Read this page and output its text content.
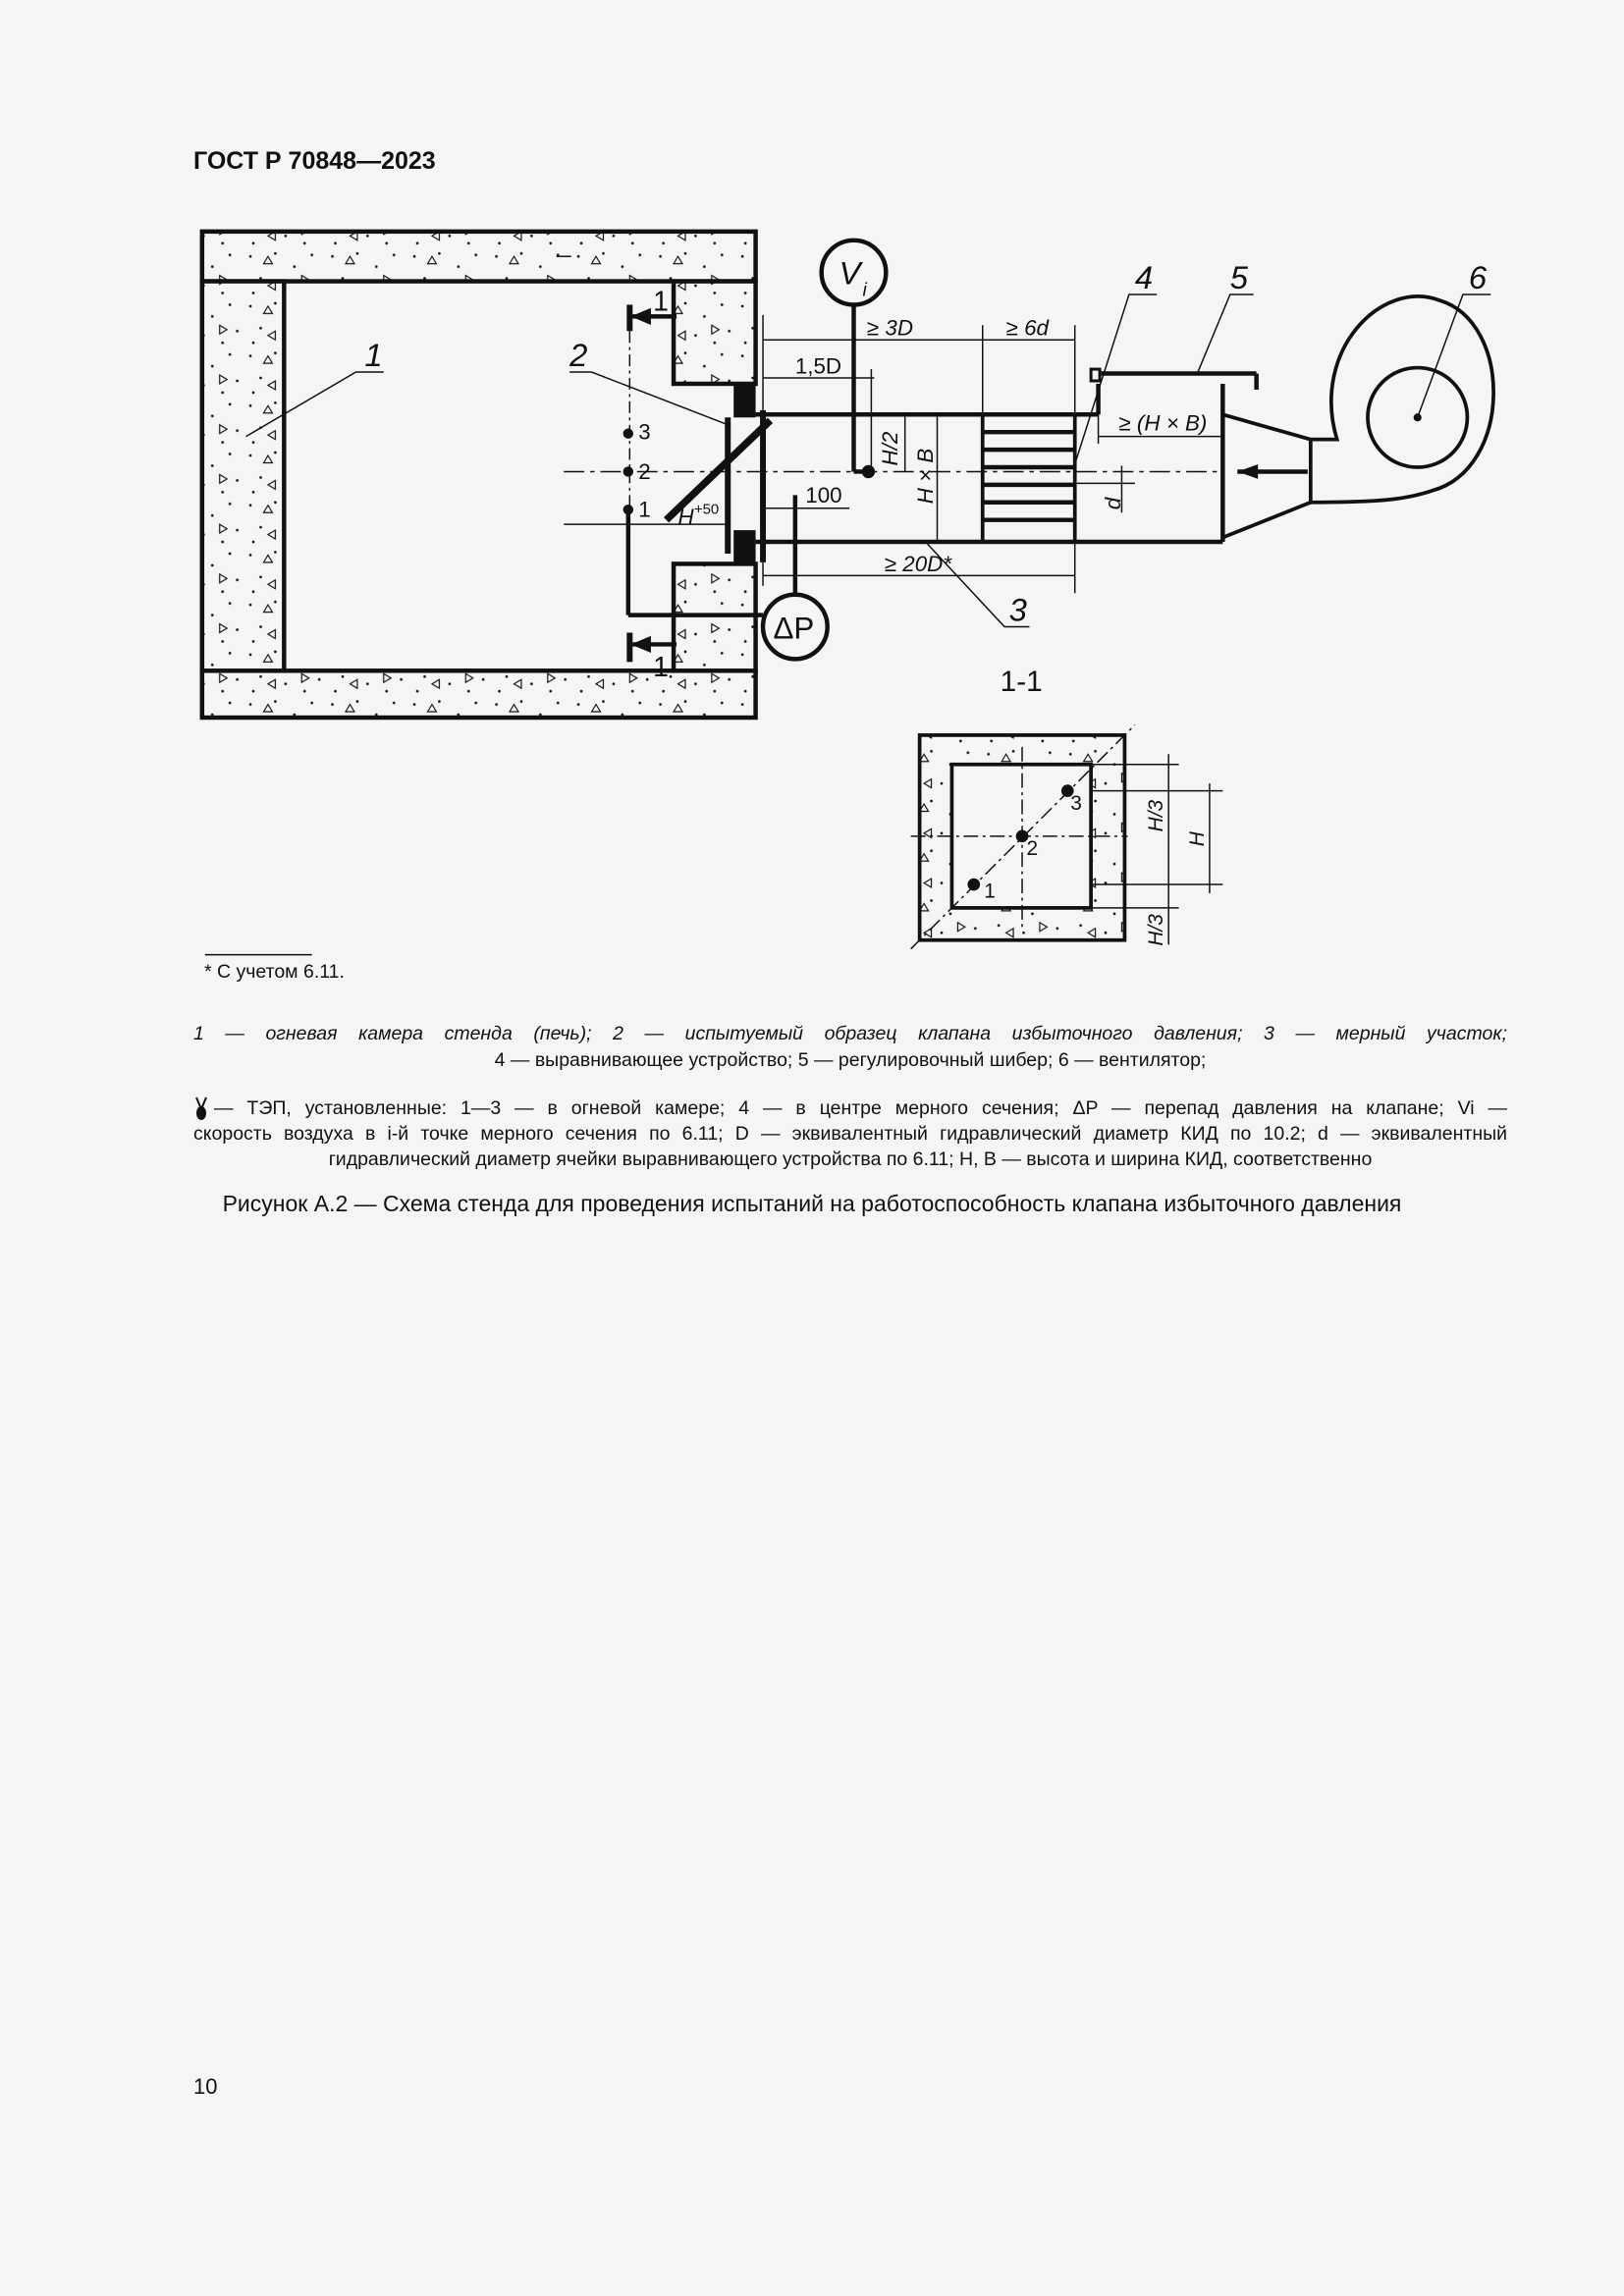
ГОСТ Р 70848—2023
1
1
3
2
1 H +50
V i
ΔP
≥ 3D	≥ 6d
1,5D
100
≥ 20D*
≥ (H × B)
H/2 H × B	d
1	2
3
4	5	6
1-1
3
2
1
H/3
H
H/3
* С учетом 6.11.
1 — огневая камера стенда (печь); 2 — испытуемый образец клапана избыточного давления; 3 — мерный участок;
4 — выравнивающее устройство; 5 — регулировочный шибер; 6 — вентилятор;
— ТЭП, установленные: 1—3 — в огневой камере; 4 — в центре мерного сечения; ΔP — перепад давления на клапане; Vi —
скорость воздуха в i-й точке мерного сечения по 6.11; D — эквивалентный гидравлический диаметр КИД по 10.2; d — эквивалентный
гидравлический диаметр ячейки выравнивающего устройства по 6.11; H, B — высота и ширина КИД, соответственно
Рисунок А.2 — Схема стенда для проведения испытаний на работоспособность клапана избыточного давления
10
